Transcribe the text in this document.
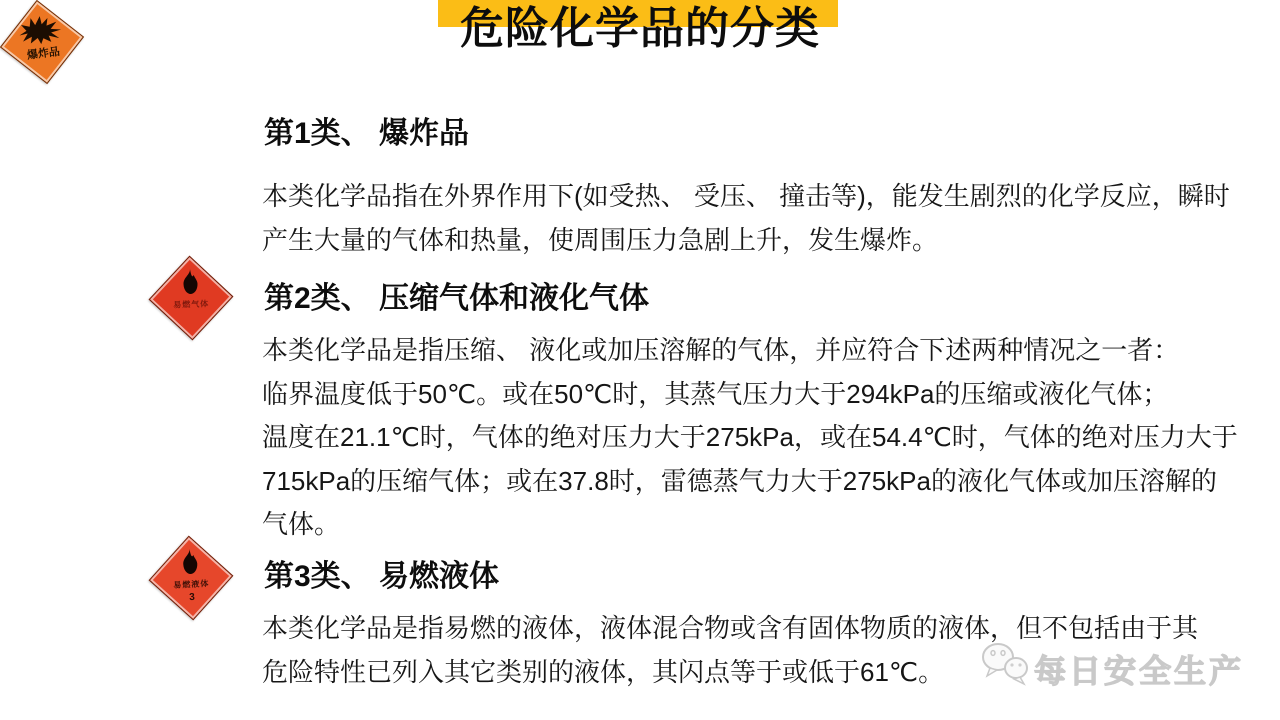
危险化学品的分类
爆炸品
第1类、 爆炸品
本类化学品指在外界作用下(如受热、 受压、 撞击等)，能发生剧烈的化学反应，瞬时
产生大量的气体和热量，使周围压力急剧上升，发生爆炸。
易燃气体	第2类、 压缩气体和液化气体
本类化学品是指压缩、 液化或加压溶解的气体，并应符合下述两种情况之一者：
临界温度低于50℃。或在50℃时，其蒸气压力大于294kPa的压缩或液化气体；
温度在21.1℃时，气体的绝对压力大于275kPa，或在54.4℃时，气体的绝对压力大于
715kPa的压缩气体；或在37.8时，雷德蒸气力大于275kPa的液化气体或加压溶解的
气体。
易燃液体
3
第3类、 易燃液体
本类化学品是指易燃的液体，液体混合物或含有固体物质的液体，但不包括由于其
危险特性已列入其它类别的液体，其闪点等于或低于61℃。	每日安全生产
